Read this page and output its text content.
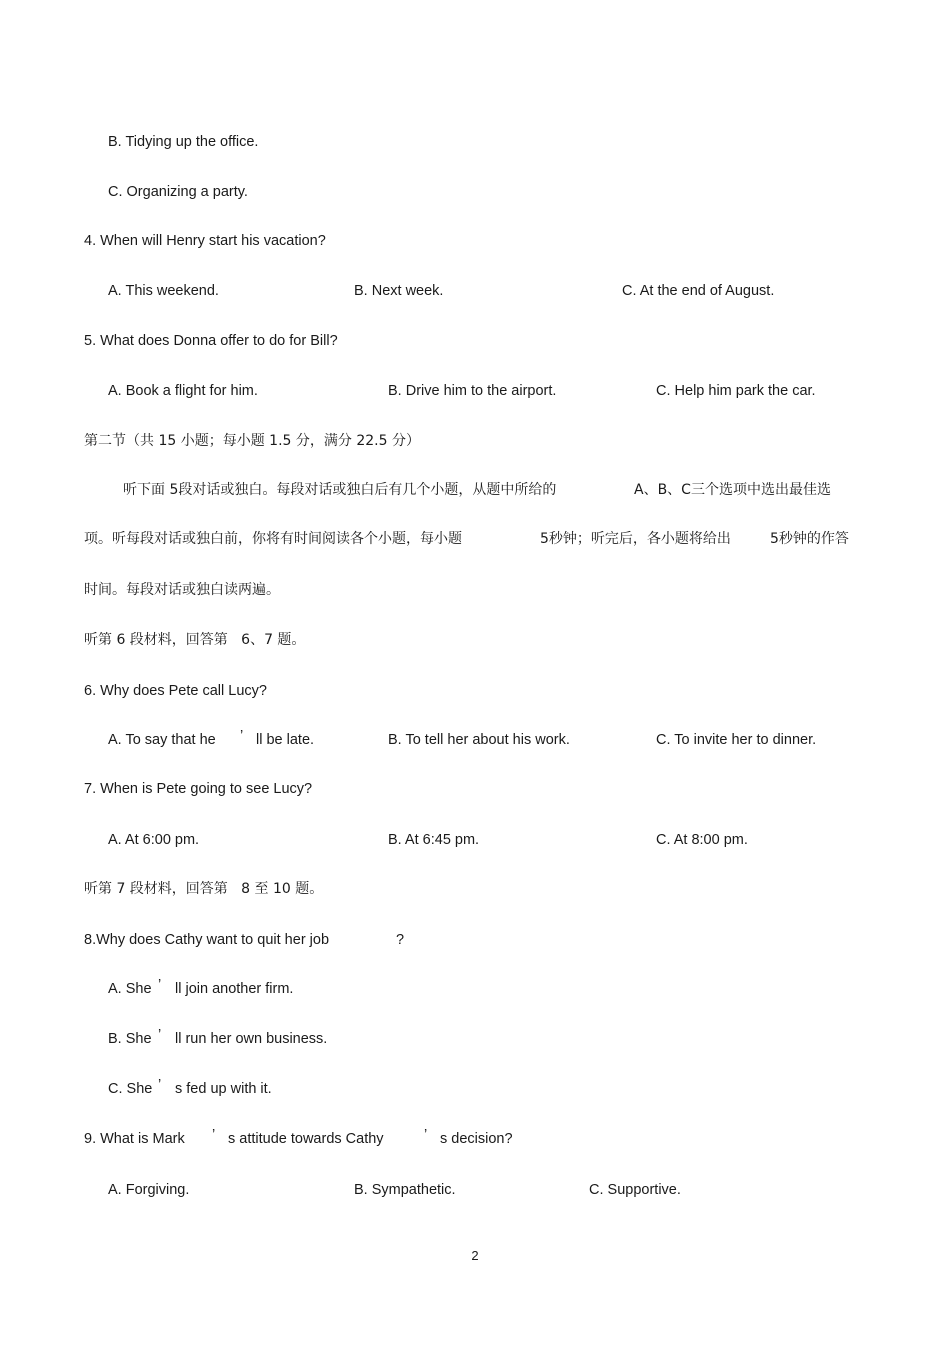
B. Tidying up the office.
C. Organizing a party.
4. When will Henry start his vacation?
A. This weekend.	B. Next week.	C. At the end of August.
5. What does Donna offer to do for Bill?
A. Book a flight for him.	B. Drive him to the airport.	C. Help him park the car.
第二节（共 15 小题；每小题 1.5 分，满分 22.5 分）
听下面 5段对话或独白。每段对话或独白后有几个小题，从题中所给的	A、B、C三个选项中选出最佳选
项。听每段对话或独白前，你将有时间阅读各个小题，每小题	5秒钟；听完后，各小题将给出	5秒钟的作答
时间。每段对话或独白读两遍。
听第 6 段材料，回答第   6、7 题。
6. Why does Pete call Lucy?
A. To say that he ’ ll be late.	B. To tell her about his work.	C. To invite her to dinner.
7. When is Pete going to see Lucy?
A. At 6:00 pm.	B. At 6:45 pm.	C. At 8:00 pm.
听第 7 段材料，回答第   8 至 10 题。
8.Why does Cathy want to quit her job	?
A. She ’ ll join another firm.
B. She ’ ll run her own business.
C. She ’ s fed up with it.
9. What is Mark ’ s attitude towards Cathy	’ s decision?
A. Forgiving.	B. Sympathetic.	C. Supportive.
2
